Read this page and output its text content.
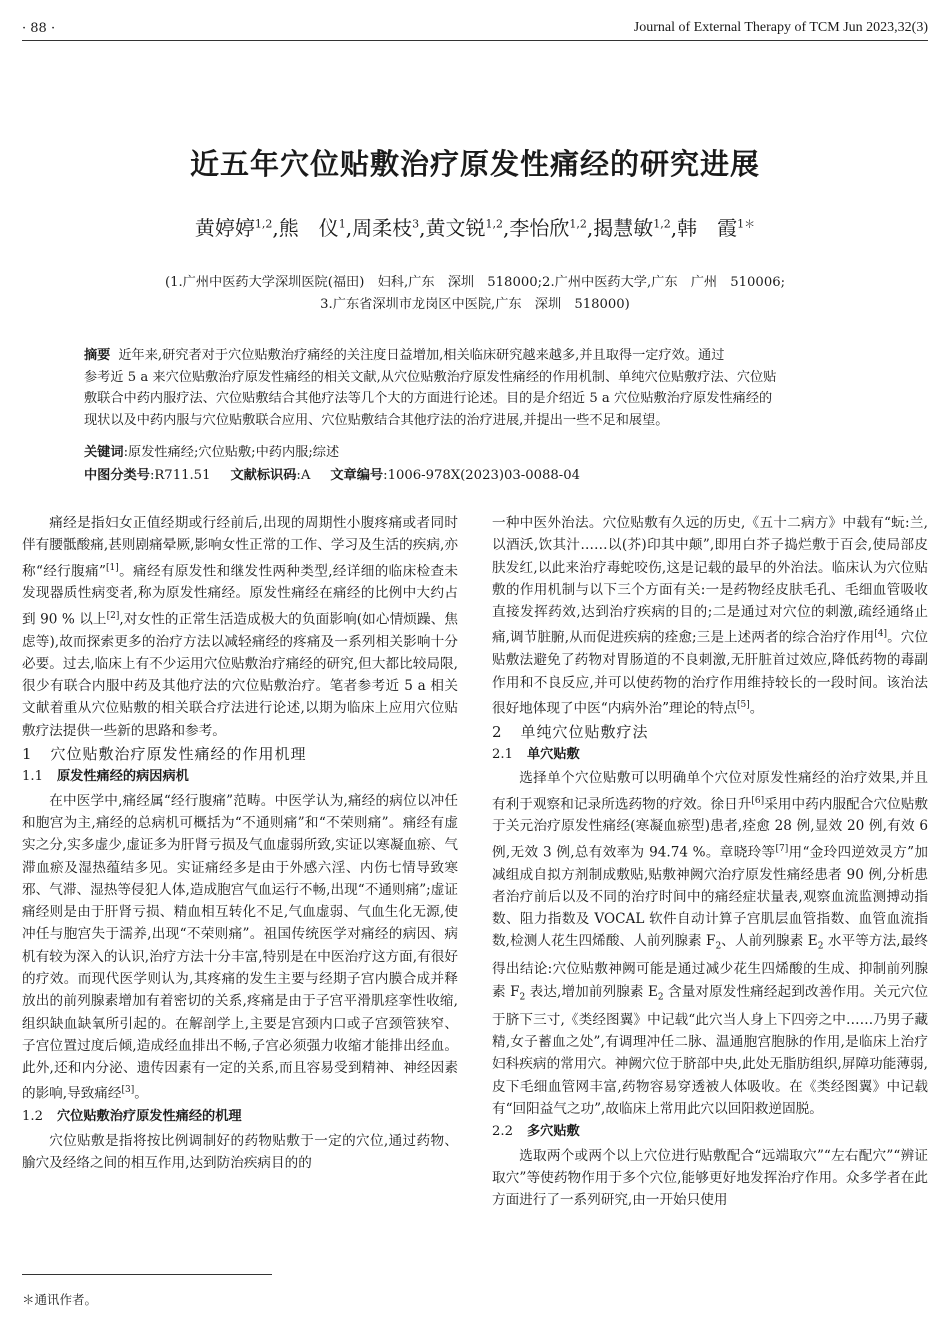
· 88 ·	Journal of External Therapy of TCM Jun 2023,32(3)
近五年穴位贴敷治疗原发性痛经的研究进展
黄婷婷$^{1,2}$,熊　仪$^1$,周柔枝$^3$,黄文锐$^{1,2}$,李怡欣$^{1,2}$,揭慧敏$^{1,2}$,韩　霞$^{1*}$
(1.广州中医药大学深圳医院(福田)　妇科,广东　深圳　518000;2.广州中医药大学,广东　广州　510006;
3.广东省深圳市龙岗区中医院,广东　深圳　518000)
摘要 近年来,研究者对于穴位贴敷治疗痛经的关注度日益增加,相关临床研究越来越多,并且取得一定疗效。通过
参考近 5 a 来穴位贴敷治疗原发性痛经的相关文献,从穴位贴敷治疗原发性痛经的作用机制、单纯穴位贴敷疗法、穴位贴
敷联合中药内服疗法、穴位贴敷结合其他疗法等几个大的方面进行论述。目的是介绍近 5 a 穴位贴敷治疗原发性痛经的
现状以及中药内服与穴位贴敷联合应用、穴位贴敷结合其他疗法的治疗进展,并提出一些不足和展望。
关键词:原发性痛经;穴位贴敷;中药内服;综述
中图分类号:R711.51 文献标识码:A 文章编号:1006-978X(2023)03-0088-04

痛经是指妇女正值经期或行经前后,出现的周期性小腹疼痛或者同时伴有腰骶酸痛,甚则剧痛晕厥,影响女性正常的工作、学习及生活的疾病,亦称“经行腹痛”[1]。痛经有原发性和继发性两种类型,经详细的临床检查未发现器质性病变者,称为原发性痛经。原发性痛经在痛经的比例中大约占到 90 % 以上[2],对女性的正常生活造成极大的负面影响(如心情烦躁、焦虑等),故而探索更多的治疗方法以减轻痛经的疼痛及一系列相关影响十分必要。过去,临床上有不少运用穴位贴敷治疗痛经的研究,但大都比较局限,很少有联合内服中药及其他疗法的穴位贴敷治疗。笔者参考近 5 a 相关文献着重从穴位贴敷的相关联合疗法进行论述,以期为临床上应用穴位贴敷疗法提供一些新的思路和参考。

1 穴位贴敷治疗原发性痛经的作用机理
1.1 原发性痛经的病因病机

在中医学中,痛经属“经行腹痛”范畴。中医学认为,痛经的病位以冲任和胞宫为主,痛经的总病机可概括为“不通则痛”和“不荣则痛”。痛经有虚实之分,实多虚少,虚证多为肝肾亏损及气血虚弱所致,实证以寒凝血瘀、气滞血瘀及湿热蕴结多见。实证痛经多是由于外感六淫、内伤七情导致寒邪、气滞、湿热等侵犯人体,造成胞宫气血运行不畅,出现“不通则痛”;虚证痛经则是由于肝肾亏损、精血相互转化不足,气血虚弱、气血生化无源,使冲任与胞宫失于濡养,出现“不荣则痛”。祖国传统医学对痛经的病因、病机有较为深入的认识,治疗方法十分丰富,特别是在中医治疗这方面,有很好的疗效。而现代医学则认为,其疼痛的发生主要与经期子宫内膜合成并释放出的前列腺素增加有着密切的关系,疼痛是由于子宫平滑肌痉挛性收缩,组织缺血缺氧所引起的。在解剖学上,主要是宫颈内口或子宫颈管狭窄、子宫位置过度后倾,造成经血排出不畅,子宫必须强力收缩才能排出经血。此外,还和内分泌、遗传因素有一定的关系,而且容易受到精神、神经因素的影响,导致痛经[3]。

1.2 穴位贴敷治疗原发性痛经的机理

穴位贴敷是指将按比例调制好的药物贴敷于一定的穴位,通过药物、腧穴及经络之间的相互作用,达到防治疾病目的的

一种中医外治法。穴位贴敷有久远的历史,《五十二病方》中载有“蚖:兰,以酒沃,饮其汁……以(芥)印其中颠”,即用白芥子捣烂敷于百会,使局部皮肤发红,以此来治疗毒蛇咬伤,这是记载的最早的外治法。临床认为穴位贴敷的作用机制与以下三个方面有关:一是药物经皮肤毛孔、毛细血管吸收直接发挥药效,达到治疗疾病的目的;二是通过对穴位的刺激,疏经通络止痛,调节脏腑,从而促进疾病的痊愈;三是上述两者的综合治疗作用[4]。穴位贴敷法避免了药物对胃肠道的不良刺激,无肝脏首过效应,降低药物的毒副作用和不良反应,并可以使药物的治疗作用维持较长的一段时间。该治法很好地体现了中医“内病外治”理论的特点[5]。

2 单纯穴位贴敷疗法
2.1 单穴贴敷

选择单个穴位贴敷可以明确单个穴位对原发性痛经的治疗效果,并且有利于观察和记录所选药物的疗效。徐日升[6]采用中药内服配合穴位贴敷于关元治疗原发性痛经(寒凝血瘀型)患者,痊愈 28 例,显效 20 例,有效 6 例,无效 3 例,总有效率为 94.74 %。章晓玲等[7]用“金玲四逆效灵方”加减组成自拟方剂制成敷贴,贴敷神阙穴治疗原发性痛经患者 90 例,分析患者治疗前后以及不同的治疗时间中的痛经症状量表,观察血流监测搏动指数、阻力指数及 VOCAL 软件自动计算子宫肌层血管指数、血管血流指数,检测人花生四烯酸、人前列腺素 $F_2$、人前列腺素 $E_2$ 水平等方法,最终得出结论:穴位贴敷神阙可能是通过减少花生四烯酸的生成、抑制前列腺素 $F_2$ 表达,增加前列腺素 $E_2$ 含量对原发性痛经起到改善作用。关元穴位于脐下三寸,《类经图翼》中记载“此穴当人身上下四旁之中……乃男子藏精,女子蓄血之处”,有调理冲任二脉、温通胞宫胞脉的作用,是临床上治疗妇科疾病的常用穴。神阙穴位于脐部中央,此处无脂肪组织,屏障功能薄弱,皮下毛细血管网丰富,药物容易穿透被人体吸收。在《类经图翼》中记载有“回阳益气之功”,故临床上常用此穴以回阳救逆固脱。

2.2 多穴贴敷

选取两个或两个以上穴位进行贴敷配合“远端取穴”“左右配穴”“辨证取穴”等使药物作用于多个穴位,能够更好地发挥治疗作用。众多学者在此方面进行了一系列研究,由一开始只使用

＊通讯作者。
